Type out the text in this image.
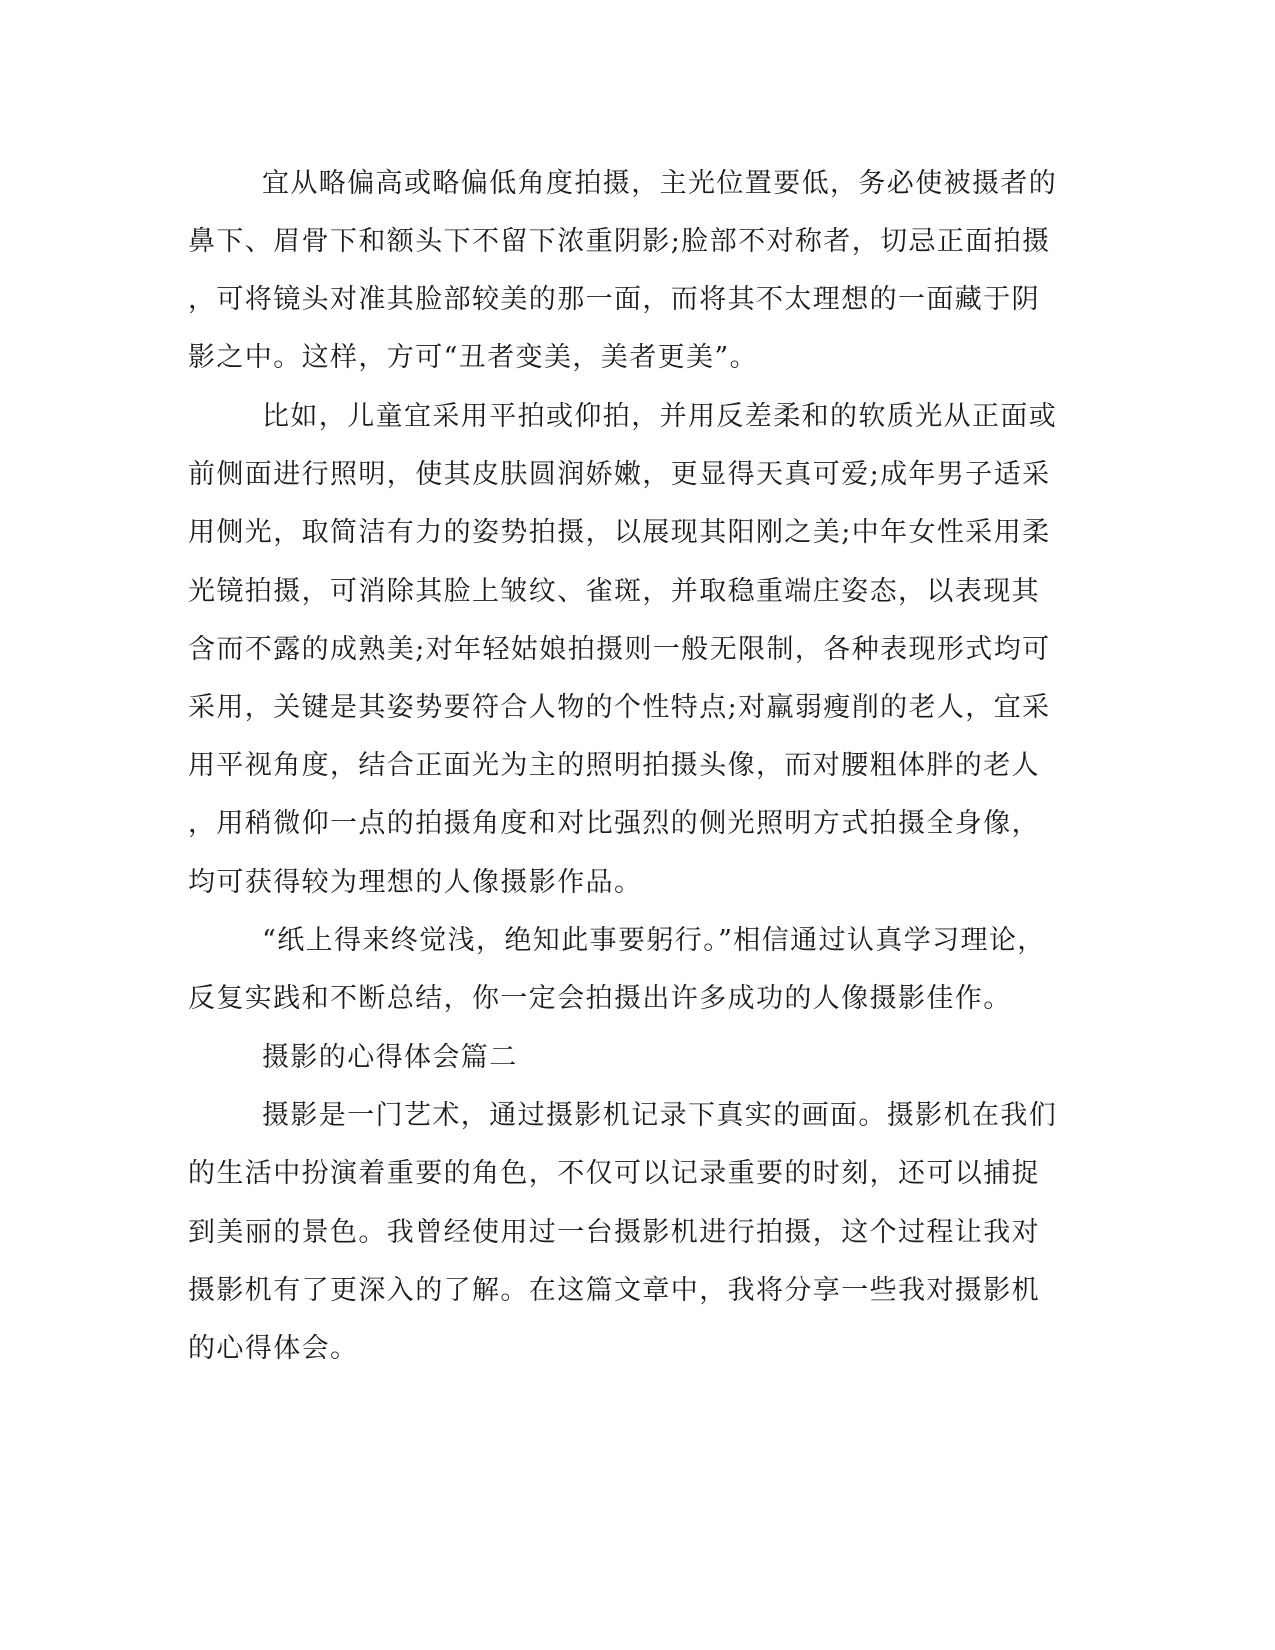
宜从略偏高或略偏低角度拍摄，主光位置要低，务必使被摄者的
鼻下、眉骨下和额头下不留下浓重阴影;脸部不对称者，切忌正面拍摄
，可将镜头对准其脸部较美的那一面，而将其不太理想的一面藏于阴
影之中。这样，方可“丑者变美，美者更美”。
比如，儿童宜采用平拍或仰拍，并用反差柔和的软质光从正面或
前侧面进行照明，使其皮肤圆润娇嫩，更显得天真可爱;成年男子适采
用侧光，取简洁有力的姿势拍摄，以展现其阳刚之美;中年女性采用柔
光镜拍摄，可消除其脸上皱纹、雀斑，并取稳重端庄姿态，以表现其
含而不露的成熟美;对年轻姑娘拍摄则一般无限制，各种表现形式均可
采用，关键是其姿势要符合人物的个性特点;对羸弱瘦削的老人，宜采
用平视角度，结合正面光为主的照明拍摄头像，而对腰粗体胖的老人
，用稍微仰一点的拍摄角度和对比强烈的侧光照明方式拍摄全身像，
均可获得较为理想的人像摄影作品。
“纸上得来终觉浅，绝知此事要躬行。”相信通过认真学习理论，
反复实践和不断总结，你一定会拍摄出许多成功的人像摄影佳作。
摄影的心得体会篇二
摄影是一门艺术，通过摄影机记录下真实的画面。摄影机在我们
的生活中扮演着重要的角色，不仅可以记录重要的时刻，还可以捕捉
到美丽的景色。我曾经使用过一台摄影机进行拍摄，这个过程让我对
摄影机有了更深入的了解。在这篇文章中，我将分享一些我对摄影机
的心得体会。
